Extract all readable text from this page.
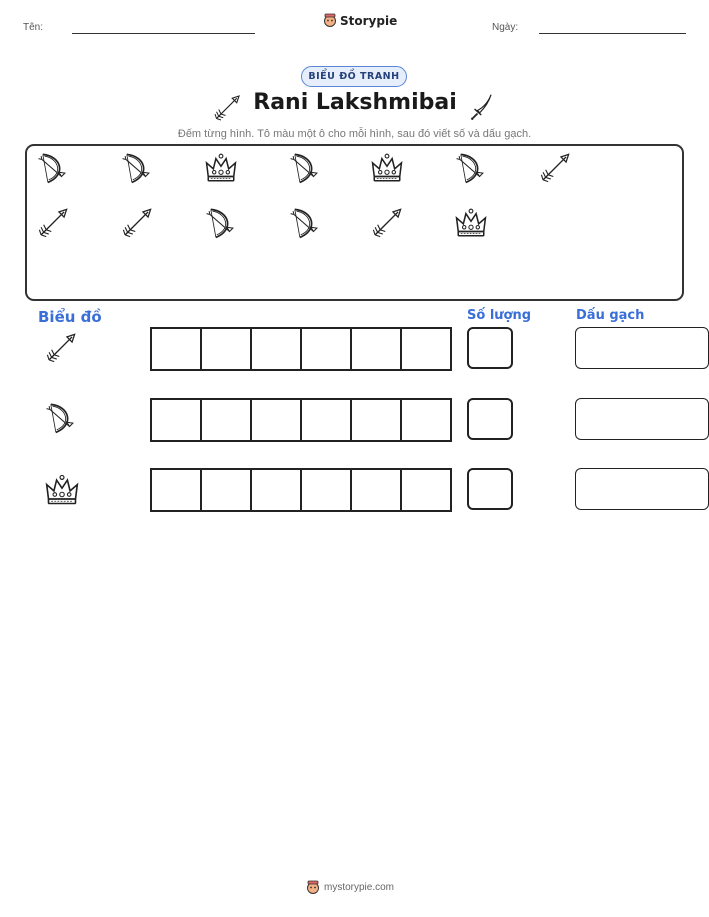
Tên:	Storypie	Ngày:
BIỂU ĐỒ TRANH
Rani Lakshmibai
Đếm từng hình. Tô màu một ô cho mỗi hình, sau đó viết số và dấu gạch.
Biểu đồ	Số lượng	Dấu gạch
mystorypie.com
